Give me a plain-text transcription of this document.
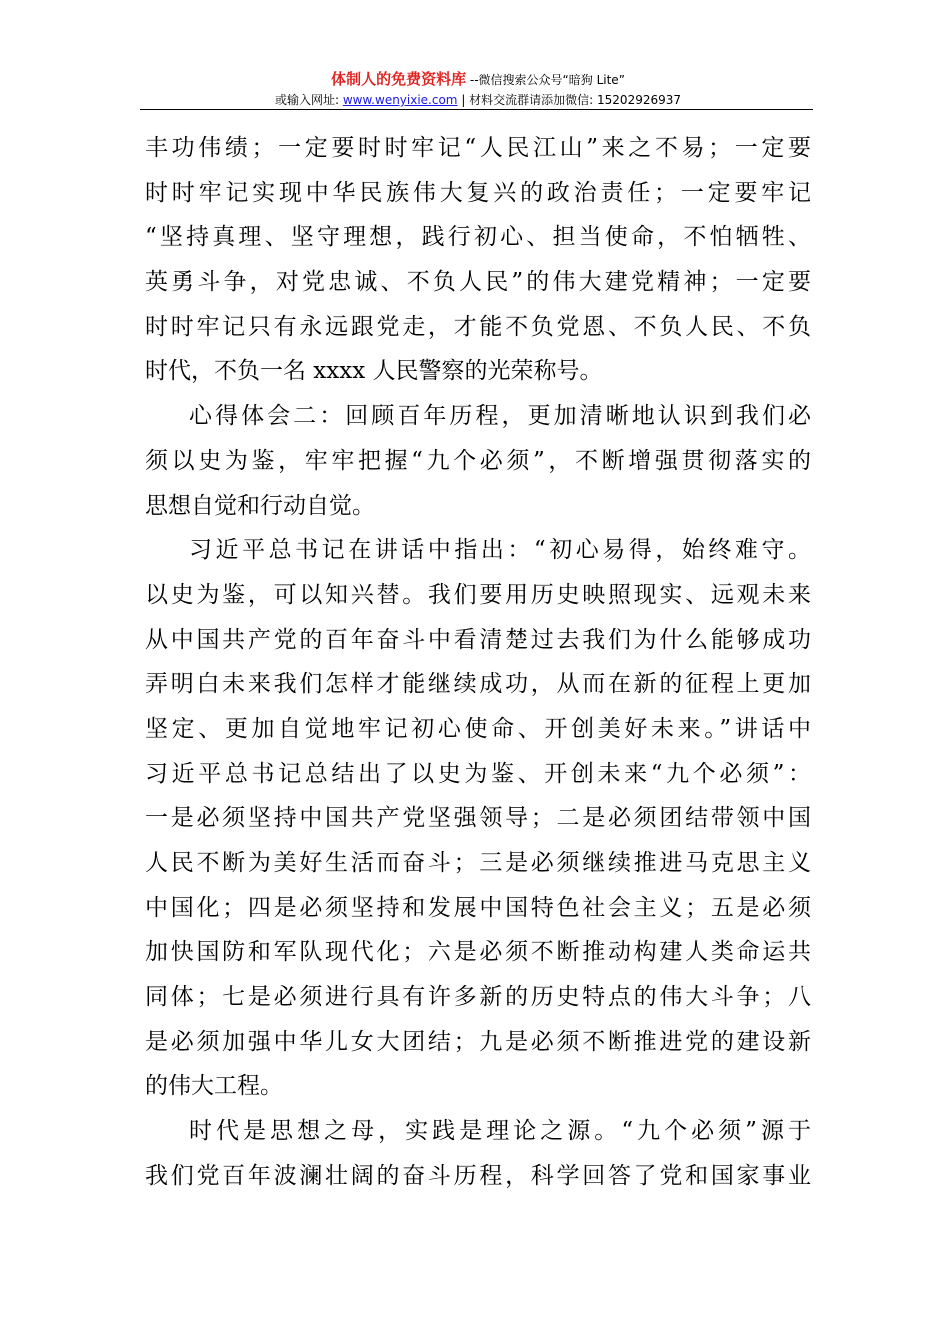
体制人的免费资料库 --微信搜索公众号“暗狗 Lite”
或输入网址: www.wenyixie.com | 材料交流群请添加微信: 15202926937
丰功伟绩；一定要时时牢记“人民江山”来之不易；一定要
时时牢记实现中华民族伟大复兴的政治责任；一定要牢记
“坚持真理、坚守理想，践行初心、担当使命，不怕牺牲、
英勇斗争，对党忠诚、不负人民”的伟大建党精神；一定要
时时牢记只有永远跟党走，才能不负党恩、不负人民、不负
时代，不负一名 xxxx 人民警察的光荣称号。
心得体会二：回顾百年历程，更加清晰地认识到我们必
须以史为鉴，牢牢把握“九个必须”，不断增强贯彻落实的
思想自觉和行动自觉。
习近平总书记在讲话中指出：“初心易得，始终难守。
以史为鉴，可以知兴替。我们要用历史映照现实、远观未来
从中国共产党的百年奋斗中看清楚过去我们为什么能够成功
弄明白未来我们怎样才能继续成功，从而在新的征程上更加
坚定、更加自觉地牢记初心使命、开创美好未来。”讲话中
习近平总书记总结出了以史为鉴、开创未来“九个必须”：
一是必须坚持中国共产党坚强领导；二是必须团结带领中国
人民不断为美好生活而奋斗；三是必须继续推进马克思主义
中国化；四是必须坚持和发展中国特色社会主义；五是必须
加快国防和军队现代化；六是必须不断推动构建人类命运共
同体；七是必须进行具有许多新的历史特点的伟大斗争；八
是必须加强中华儿女大团结；九是必须不断推进党的建设新
的伟大工程。
时代是思想之母，实践是理论之源。“九个必须”源于
我们党百年波澜壮阔的奋斗历程，科学回答了党和国家事业
